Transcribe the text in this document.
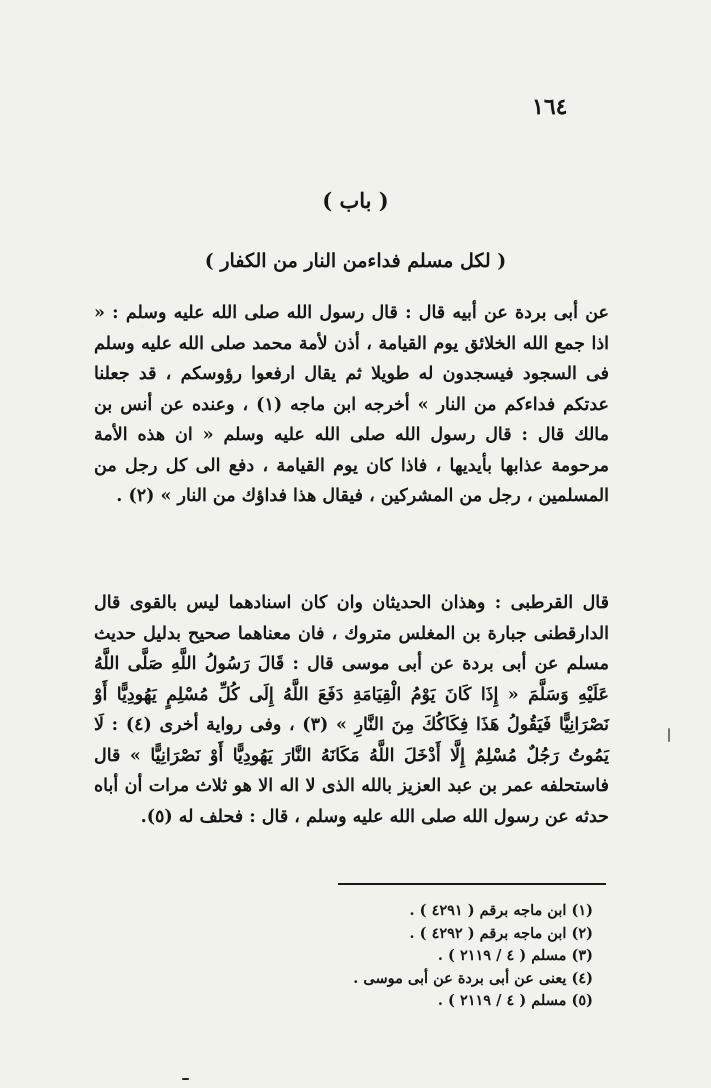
١٦٤
( باب )
( لكل مسلم فداءمن النار من الكفار )

عن أبى بردة عن أبيه قال : قال رسول الله صلى الله عليه وسلم : « اذا جمع الله الخلائق يوم القيامة ، أذن لأمة محمد صلى الله عليه وسلم فى السجود فيسجدون له طويلا ثم يقال ارفعوا رؤوسكم ، قد جعلنا عدتكم فداءكم من النار » أخرجه ابن ماجه (١) ، وعنده عن أنس بن مالك قال : قال رسول الله صلى الله عليه وسلم « ان هذه الأمة مرحومة عذابها بأيديها ، فاذا كان يوم القيامة ، دفع الى كل رجل من المسلمين ، رجل من المشركين ، فيقال هذا فداؤك من النار » (٢) .

قال القرطبى : وهذان الحديثان وان كان اسنادهما ليس بالقوى قال الدارقطنى جبارة بن المغلس متروك ، فان معناهما صحيح بدليل حديث مسلم عن أبى بردة عن أبى موسى قال : قَالَ رَسُولُ اللَّهِ صَلَّى اللَّهُ عَلَيْهِ وَسَلَّمَ « إِذَا كَانَ يَوْمُ الْقِيَامَةِ دَفَعَ اللَّهُ إِلَى كُلِّ مُسْلِمٍ يَهُودِيًّا أَوْ نَصْرَانِيًّا فَيَقُولُ هَذَا فِكَاكُكَ مِنَ النَّارِ » (٣) ، وفى رواية أخرى (٤) : لَا يَمُوتُ رَجُلٌ مُسْلِمٌ إِلَّا أَدْخَلَ اللَّهُ مَكَانَهُ النَّارَ يَهُودِيًّا أَوْ نَصْرَانِيًّا » قال فاستحلفه عمر بن عبد العزيز بالله الذى لا اله الا هو ثلاث مرات أن أباه حدثه عن رسول الله صلى الله عليه وسلم ، قال : فحلف له (٥).

(١) ابن ماجه برقم ( ٤٢٩١ ) .
(٢) ابن ماجه برقم ( ٤٢٩٢ ) .
(٣) مسلم ( ٤ / ٢١١٩ ) .
(٤) يعنى عن أبى بردة عن أبى موسى .
(٥) مسلم ( ٤ / ٢١١٩ ) .
